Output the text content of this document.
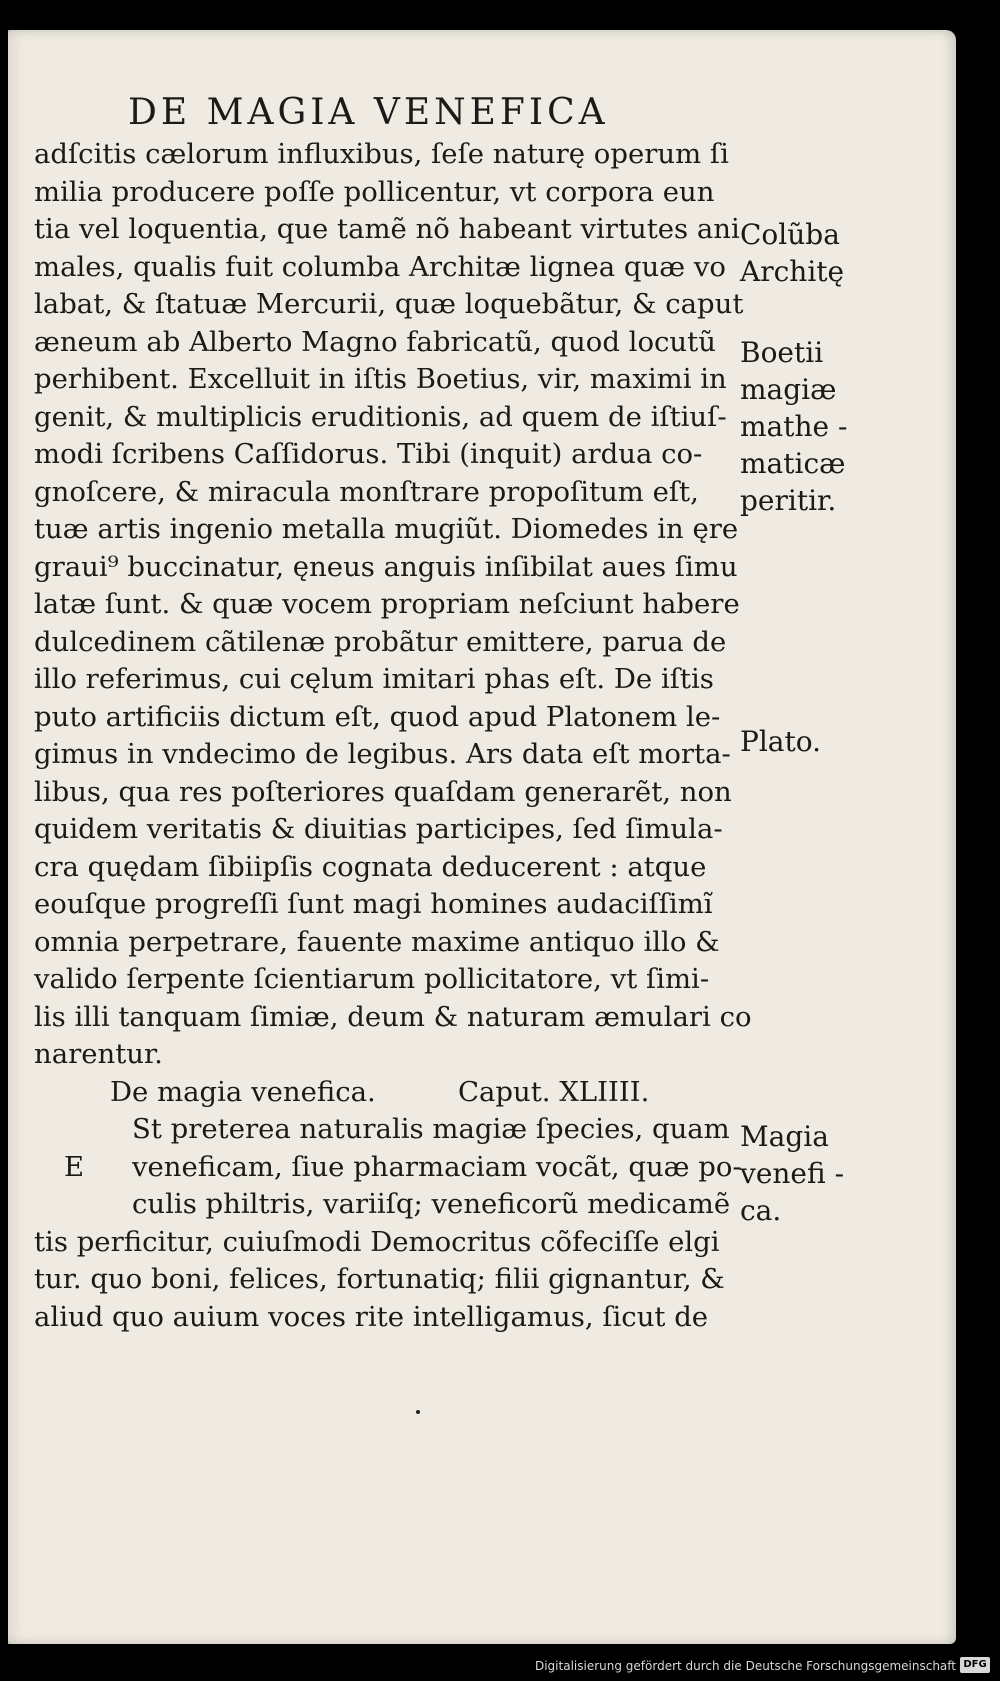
DE MAGIA VENEFICA
adſcitis cælorum influxibus, ſeſe naturę operum ſi
milia producere poſſe pollicentur, vt corpora eun
tia vel loquentia, que tamẽ nõ habeant virtutes ani
males, qualis fuit columba Architæ lignea quæ vo
labat, & ſtatuæ Mercurii, quæ loquebãtur, & caput
æneum ab Alberto Magno fabricatũ, quod locutũ
perhibent. Excelluit in iſtis Boetius, vir, maximi in
genit, & multiplicis eruditionis, ad quem de iſtiuſ-
modi ſcribens Caſſidorus. Tibi (inquit) ardua co-
gnoſcere, & miracula monſtrare propoſitum eſt,
tuæ artis ingenio metalla mugiũt. Diomedes in ęre
graui⁹ buccinatur, ęneus anguis inſibilat aues ſimu
latæ ſunt. & quæ vocem propriam neſciunt habere
dulcedinem cãtilenæ probãtur emittere, parua de
illo referimus, cui cęlum imitari phas eſt. De iſtis
puto artificiis dictum eſt, quod apud Platonem le-
gimus in vndecimo de legibus. Ars data eſt morta-
libus, qua res poſteriores quaſdam generarẽt, non
quidem veritatis & diuitias participes, ſed ſimula-
cra quędam ſibiipſis cognata deducerent : atque
eouſque progreſſi ſunt magi homines audaciſſimĩ
omnia perpetrare, fauente maxime antiquo illo &
valido ſerpente ſcientiarum pollicitatore, vt ſimi-
lis illi tanquam ſimiæ, deum & naturam æmulari co
narentur.
De magia venefica.	Caput. XLIIII.
St preterea naturalis magiæ ſpecies, quam
E	veneficam, ſiue pharmaciam vocãt, quæ po-
culis philtris, variiſq; veneficorũ medicamẽ
tis perficitur, cuiuſmodi Democritus cõfeciſſe elgi
tur. quo boni, felices, fortunatiq; filii gignantur, &
aliud quo auium voces rite intelligamus, ſicut de
Colũba
Architę
Boetii
magiæ
mathe -
maticæ
peritir.
Plato.
Magia
venefi -
ca.
Digitalisierung gefördert durch die Deutsche Forschungsgemeinschaft DFG
